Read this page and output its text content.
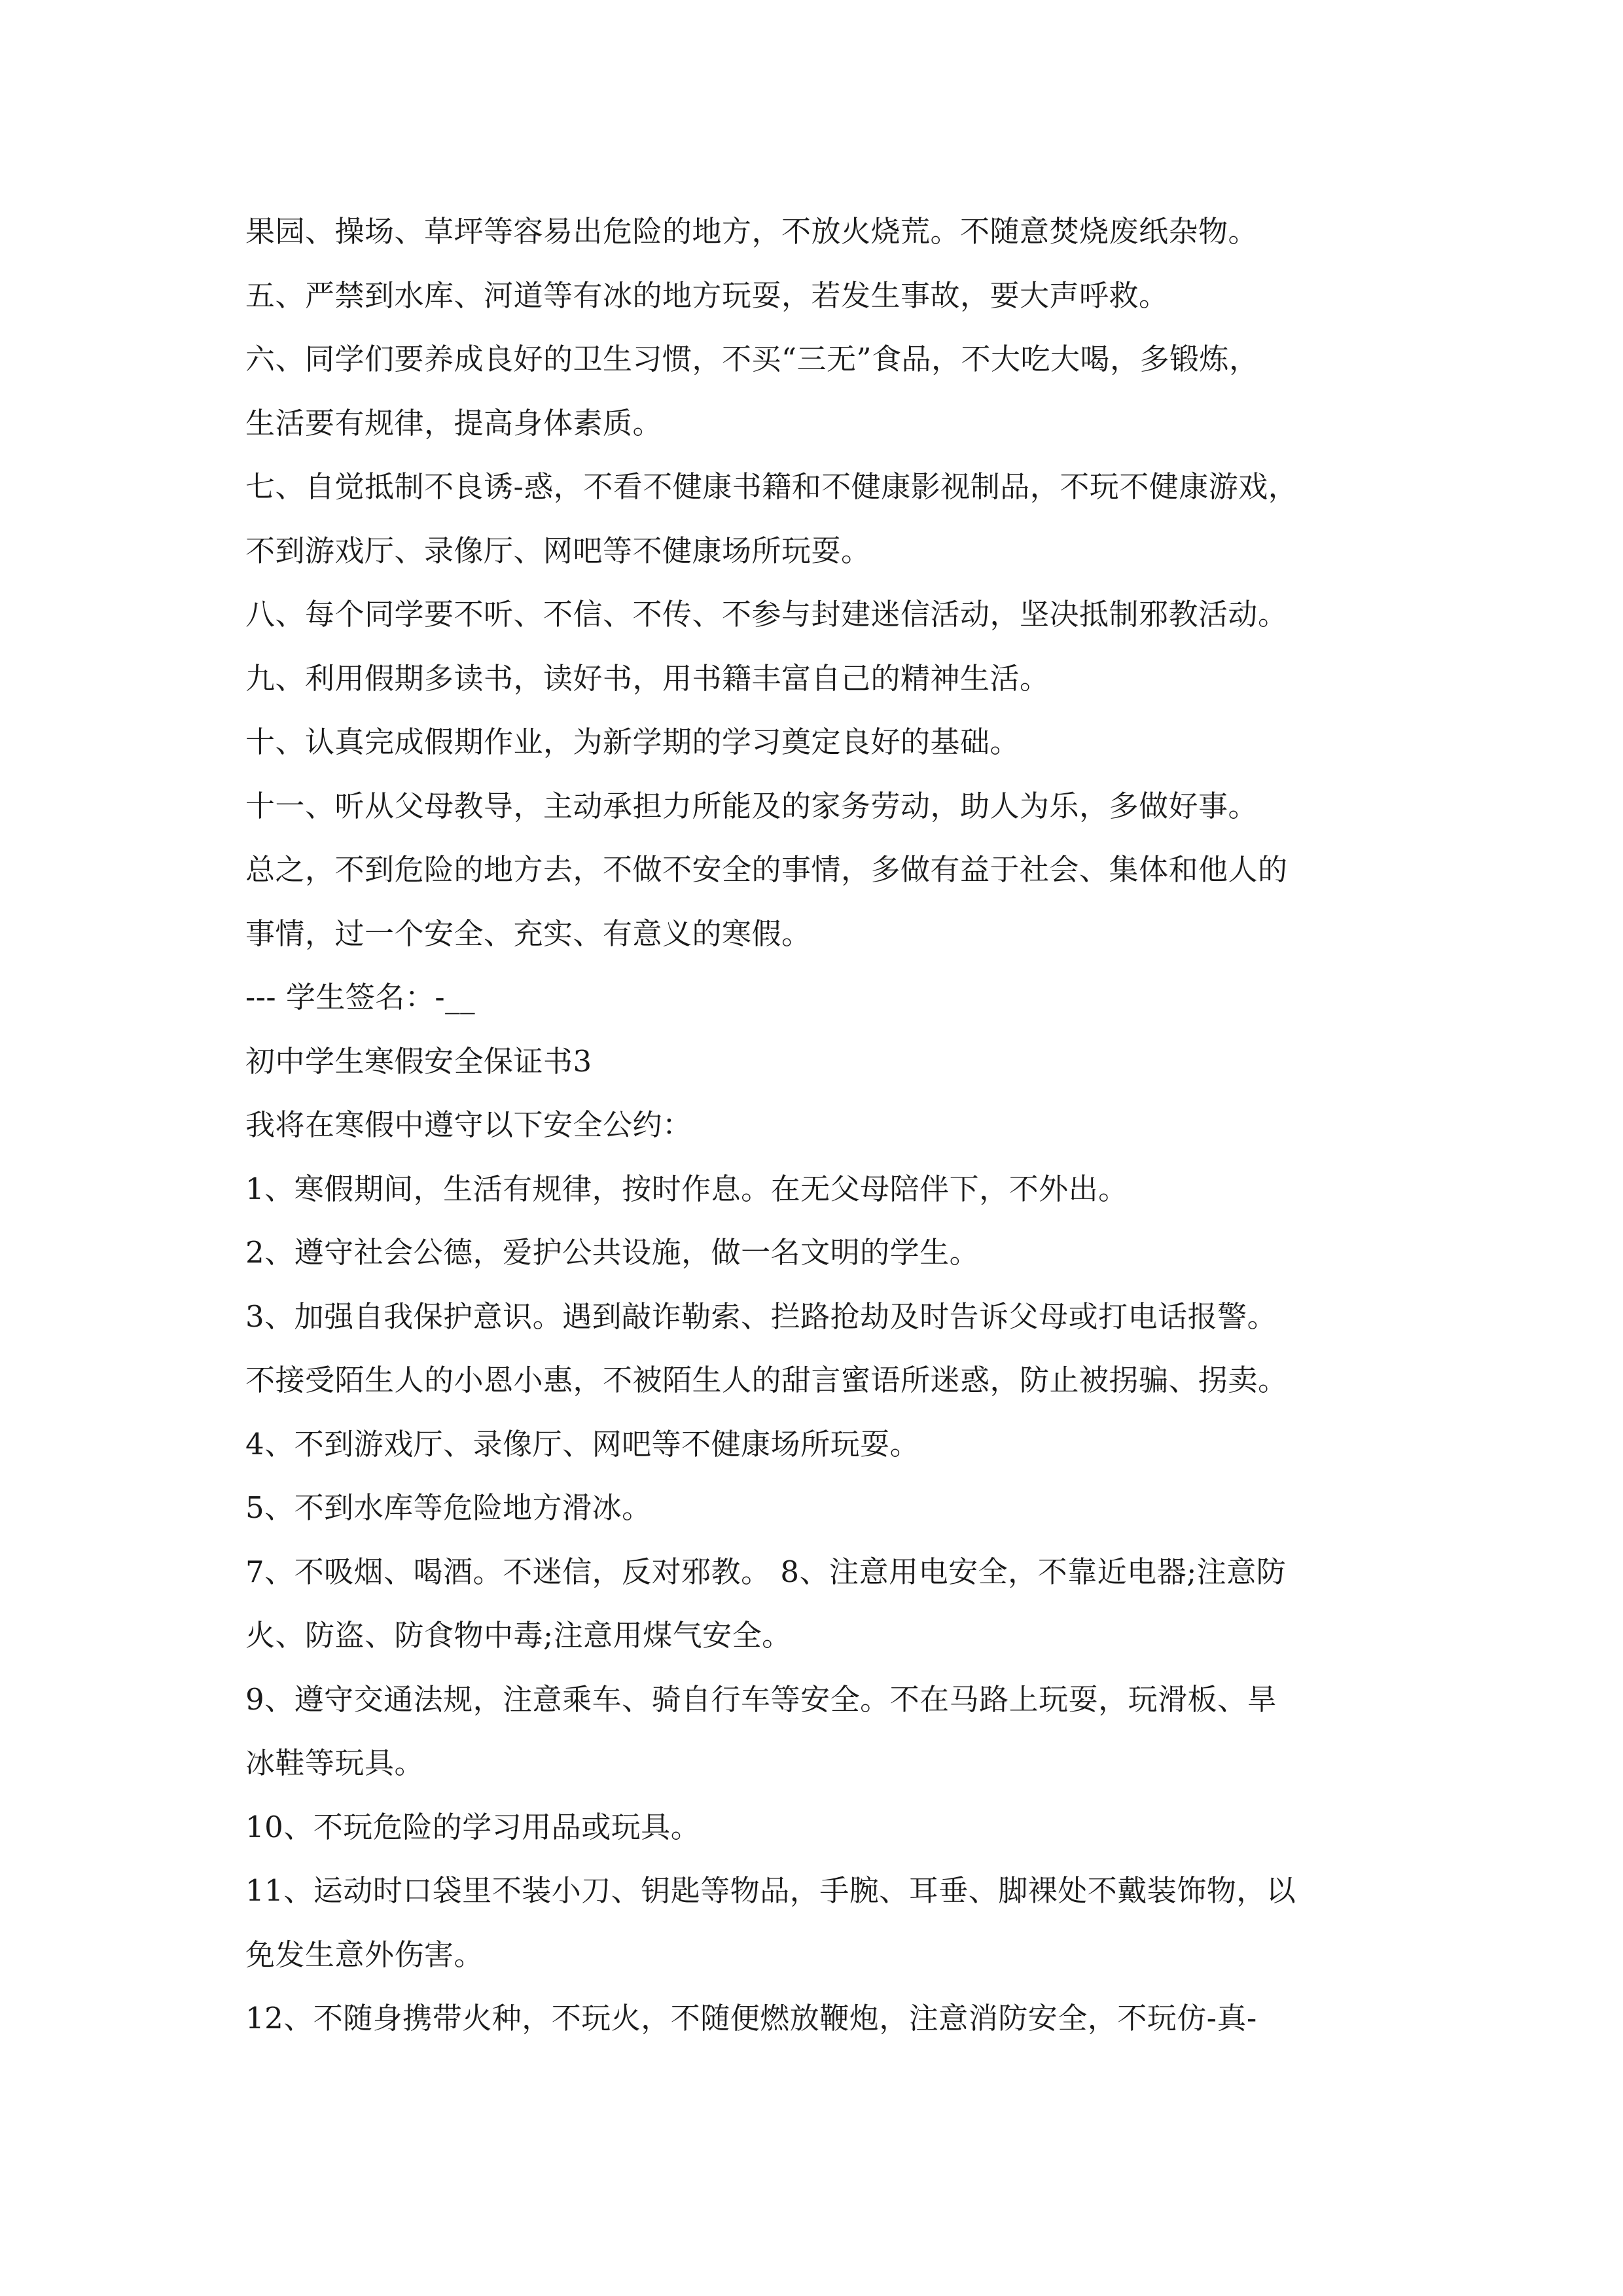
果园、操场、草坪等容易出危险的地方，不放火烧荒。不随意焚烧废纸杂物。
五、严禁到水库、河道等有冰的地方玩耍，若发生事故，要大声呼救。
六、同学们要养成良好的卫生习惯，不买“三无”食品，不大吃大喝，多锻炼，
生活要有规律，提高身体素质。
七、自觉抵制不良诱-惑，不看不健康书籍和不健康影视制品，不玩不健康游戏，
不到游戏厅、录像厅、网吧等不健康场所玩耍。
八、每个同学要不听、不信、不传、不参与封建迷信活动，坚决抵制邪教活动。
九、利用假期多读书，读好书，用书籍丰富自己的精神生活。
十、认真完成假期作业，为新学期的学习奠定良好的基础。
十一、听从父母教导，主动承担力所能及的家务劳动，助人为乐，多做好事。
总之，不到危险的地方去，不做不安全的事情，多做有益于社会、集体和他人的
事情，过一个安全、充实、有意义的寒假。
--- 学生签名：-__
初中学生寒假安全保证书3
我将在寒假中遵守以下安全公约：
1、寒假期间，生活有规律，按时作息。在无父母陪伴下，不外出。
2、遵守社会公德，爱护公共设施，做一名文明的学生。
3、加强自我保护意识。遇到敲诈勒索、拦路抢劫及时告诉父母或打电话报警。
不接受陌生人的小恩小惠，不被陌生人的甜言蜜语所迷惑，防止被拐骗、拐卖。
4、不到游戏厅、录像厅、网吧等不健康场所玩耍。
5、不到水库等危险地方滑冰。
7、不吸烟、喝酒。不迷信，反对邪教。 8、注意用电安全，不靠近电器;注意防
火、防盗、防食物中毒;注意用煤气安全。
9、遵守交通法规，注意乘车、骑自行车等安全。不在马路上玩耍，玩滑板、旱
冰鞋等玩具。
10、不玩危险的学习用品或玩具。
11、运动时口袋里不装小刀、钥匙等物品，手腕、耳垂、脚裸处不戴装饰物，以
免发生意外伤害。
12、不随身携带火种，不玩火，不随便燃放鞭炮，注意消防安全，不玩仿-真-
